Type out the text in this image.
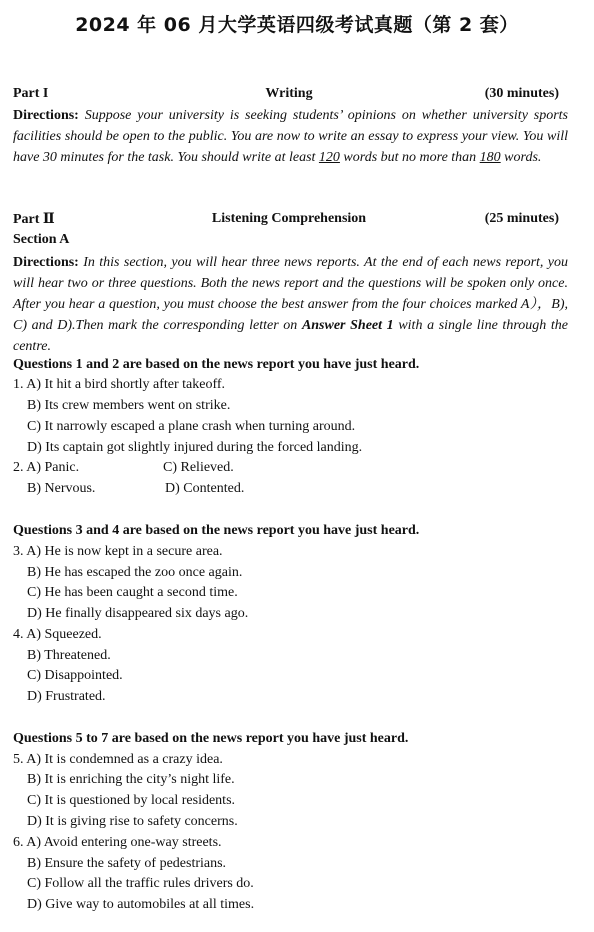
2024 年 06 月大学英语四级考试真题（第 2 套）
Writing
Part I	(30 minutes)
Directions: Suppose your university is seeking students’ opinions on whether university sports facilities should be open to the public. You are now to write an essay to express your view. You will have 30 minutes for the task. You should write at least 120 words but no more than 180 words.
Listening Comprehension
Part Ⅱ	(25 minutes)
Section A
Directions: In this section, you will hear three news reports. At the end of each news report, you will hear two or three questions. Both the news report and the questions will be spoken only once. After you hear a question, you must choose the best answer from the four choices marked A），B), C) and D).Then mark the corresponding letter on Answer Sheet 1 with a single line through the centre.
Questions 1 and 2 are based on the news report you have just heard.
1. A) It hit a bird shortly after takeoff.
B) Its crew members went on strike.
C) It narrowly escaped a plane crash when turning around.
D) Its captain got slightly injured during the forced landing.
2. A) Panic.	C) Relieved.
B) Nervous.	D) Contented.
Questions 3 and 4 are based on the news report you have just heard.
3. A) He is now kept in a secure area.
B) He has escaped the zoo once again.
C) He has been caught a second time.
D) He finally disappeared six days ago.
4. A) Squeezed.
B) Threatened.
C) Disappointed.
D) Frustrated.
Questions 5 to 7 are based on the news report you have just heard.
5. A) It is condemned as a crazy idea.
B) It is enriching the city’s night life.
C) It is questioned by local residents.
D) It is giving rise to safety concerns.
6. A) Avoid entering one-way streets.
B) Ensure the safety of pedestrians.
C) Follow all the traffic rules drivers do.
D) Give way to automobiles at all times.
